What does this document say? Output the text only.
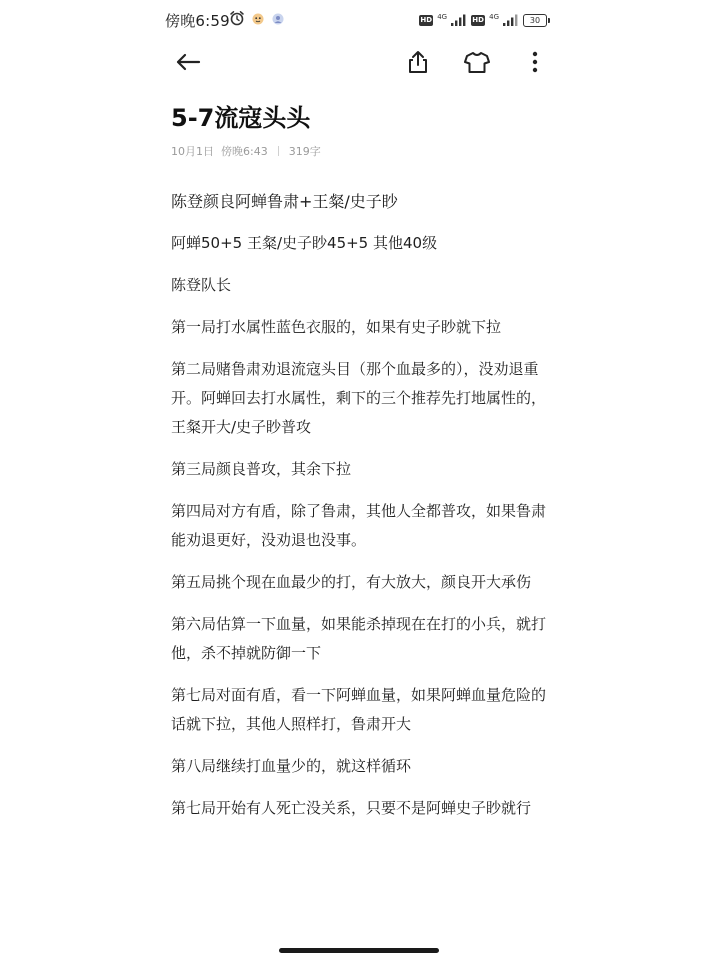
傍晚6:59	HD 4G	HD 4G	30
5-7流寇头头
10月1日 傍晚6:43 319字

陈登颜良阿蝉鲁肃+王粲/史子眇

阿蝉50+5 王粲/史子眇45+5 其他40级

陈登队长

第一局打水属性蓝色衣服的，如果有史子眇就下拉

第二局赌鲁肃劝退流寇头目（那个血最多的），没劝退重开。阿蝉回去打水属性，剩下的三个推荐先打地属性的，王粲开大/史子眇普攻

第三局颜良普攻，其余下拉

第四局对方有盾，除了鲁肃，其他人全都普攻，如果鲁肃能劝退更好，没劝退也没事。

第五局挑个现在血最少的打，有大放大，颜良开大承伤

第六局估算一下血量，如果能杀掉现在在打的小兵，就打他，杀不掉就防御一下

第七局对面有盾，看一下阿蝉血量，如果阿蝉血量危险的话就下拉，其他人照样打，鲁肃开大

第八局继续打血量少的，就这样循环

第七局开始有人死亡没关系，只要不是阿蝉史子眇就行
